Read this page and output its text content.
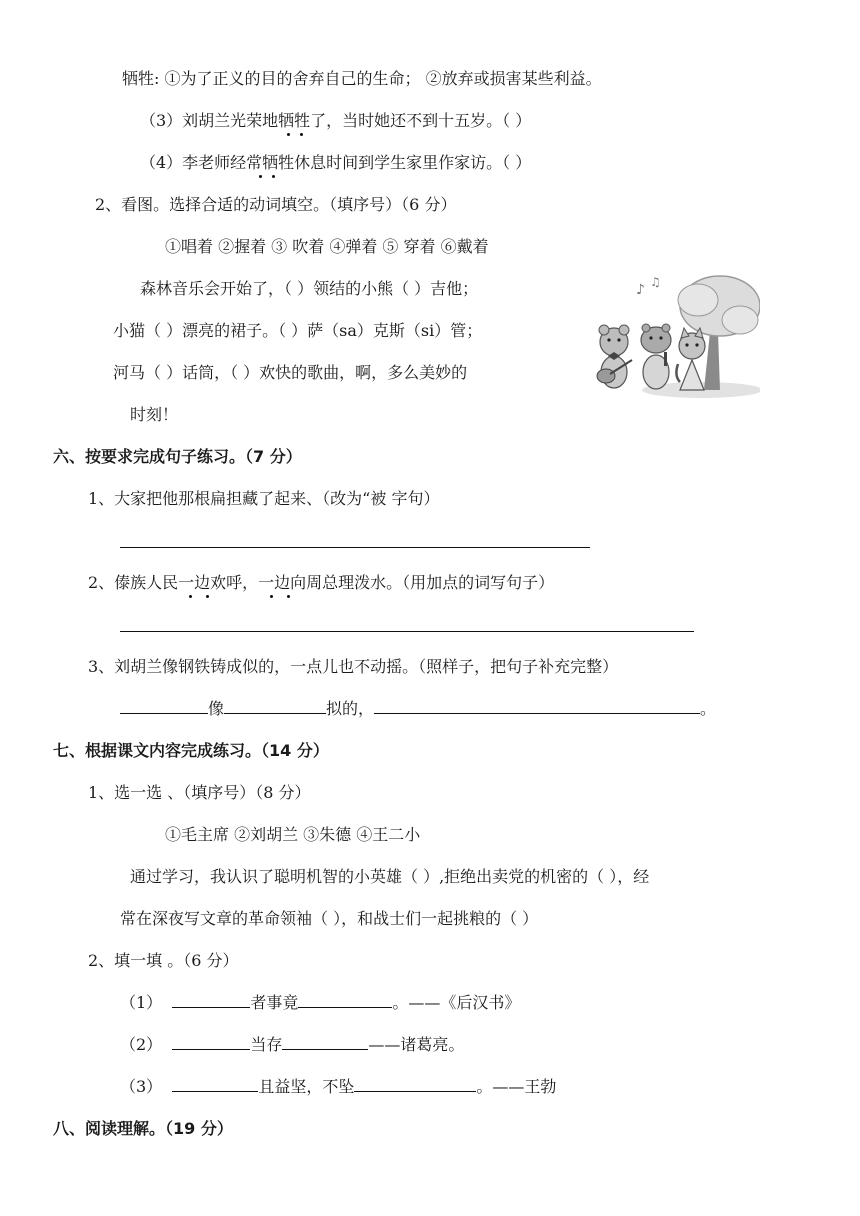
牺牲: ①为了正义的目的舍弃自己的生命； ②放弃或损害某些利益。
（3）刘胡兰光荣地牺牲了，当时她还不到十五岁。（ ）
（4）李老师经常牺牲休息时间到学生家里作家访。（ ）
2、看图。选择合适的动词填空。（填序号）（6 分）
①唱着 ②握着 ③ 吹着 ④弹着 ⑤ 穿着 ⑥戴着
森林音乐会开始了，（ ）领结的小熊（ ）吉他；
小猫（ ）漂亮的裙子。（ ）萨（sa）克斯（si）管；
河马（ ）话筒，（ ）欢快的歌曲，啊，多么美妙的
时刻！
♪ ♫
六、按要求完成句子练习。（7 分）
1、大家把他那根扁担藏了起来、（改为“被 字句）
2、傣族人民一边欢呼，一边向周总理泼水。（用加点的词写句子）
3、刘胡兰像钢铁铸成似的，一点儿也不动摇。（照样子，把句子补充完整）
像	拟的，	。
七、根据课文内容完成练习。（14 分）
1、选一选 、（填序号）（8 分）
①毛主席 ②刘胡兰 ③朱德 ④王二小
通过学习，我认识了聪明机智的小英雄（ ）,拒绝出卖党的机密的（ ），经
常在深夜写文章的革命领袖（ ），和战士们一起挑粮的（ ）
2、填一填 。（6 分）
（1）	者事竟	。——《后汉书》
（2）	当存	——诸葛亮。
（3）	且益坚，不坠	。——王勃
八、阅读理解。（19 分）
